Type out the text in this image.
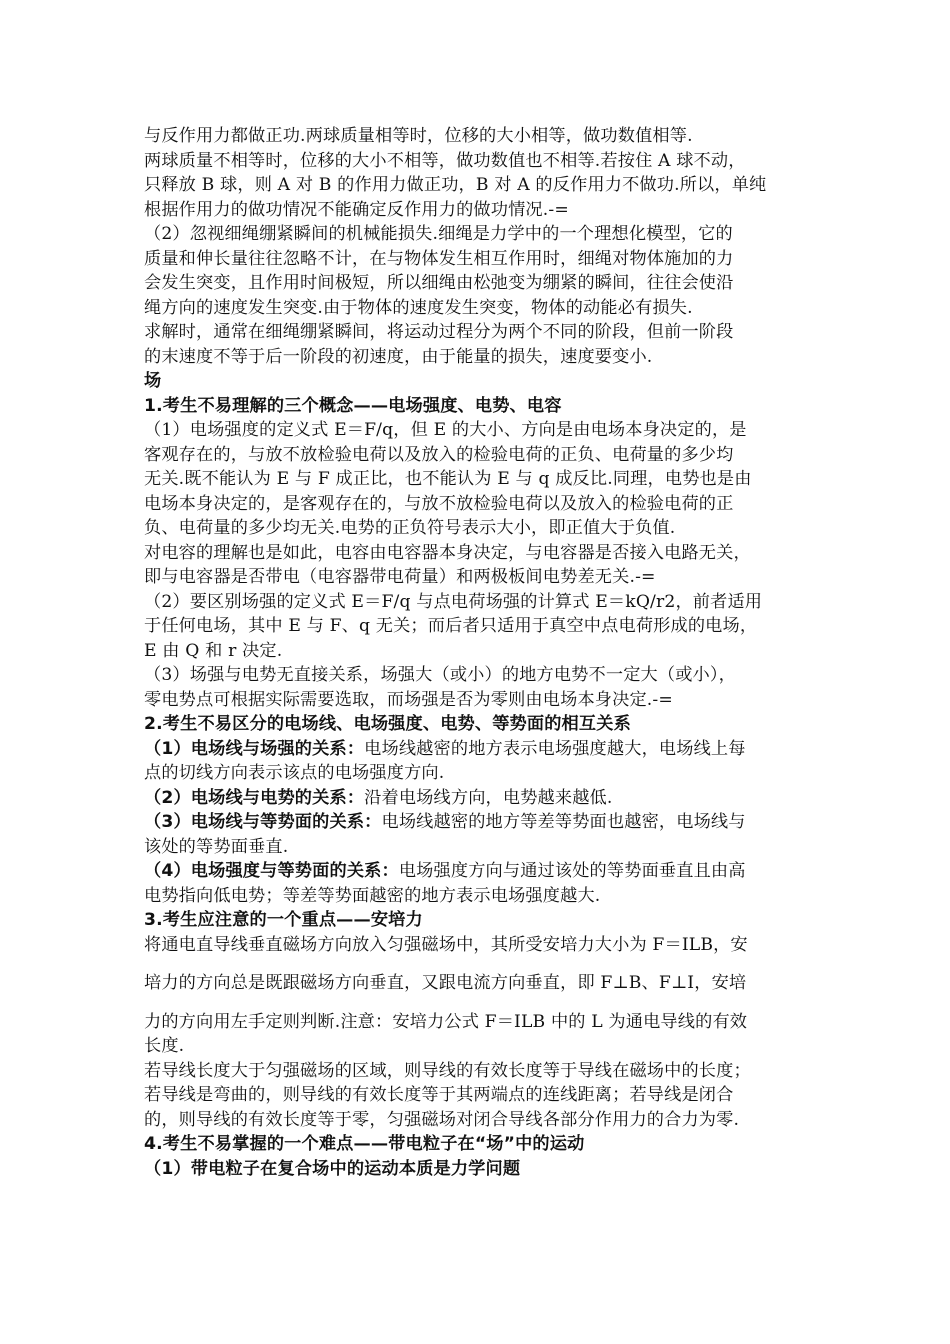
与反作用力都做正功.两球质量相等时，位移的大小相等，做功数值相等.
两球质量不相等时，位移的大小不相等，做功数值也不相等.若按住 A 球不动，
只释放 B 球，则 A 对 B 的作用力做正功，B 对 A 的反作用力不做功.所以，单纯
根据作用力的做功情况不能确定反作用力的做功情况.-=
（2）忽视细绳绷紧瞬间的机械能损失.细绳是力学中的一个理想化模型，它的
质量和伸长量往往忽略不计，在与物体发生相互作用时，细绳对物体施加的力
会发生突变，且作用时间极短，所以细绳由松弛变为绷紧的瞬间，往往会使沿
绳方向的速度发生突变.由于物体的速度发生突变，物体的动能必有损失.
求解时，通常在细绳绷紧瞬间，将运动过程分为两个不同的阶段，但前一阶段
的末速度不等于后一阶段的初速度，由于能量的损失，速度要变小.
场
1.考生不易理解的三个概念——电场强度、电势、电容
（1）电场强度的定义式 E＝F/q，但 E 的大小、方向是由电场本身决定的，是
客观存在的，与放不放检验电荷以及放入的检验电荷的正负、电荷量的多少均
无关.既不能认为 E 与 F 成正比，也不能认为 E 与 q 成反比.同理，电势也是由
电场本身决定的，是客观存在的，与放不放检验电荷以及放入的检验电荷的正
负、电荷量的多少均无关.电势的正负符号表示大小，即正值大于负值.
对电容的理解也是如此，电容由电容器本身决定，与电容器是否接入电路无关，
即与电容器是否带电（电容器带电荷量）和两极板间电势差无关.-=
（2）要区别场强的定义式 E＝F/q 与点电荷场强的计算式 E＝kQ/r2，前者适用
于任何电场，其中 E 与 F、q 无关；而后者只适用于真空中点电荷形成的电场，
E 由 Q 和 r 决定.
（3）场强与电势无直接关系，场强大（或小）的地方电势不一定大（或小），
零电势点可根据实际需要选取，而场强是否为零则由电场本身决定.-=
2.考生不易区分的电场线、电场强度、电势、等势面的相互关系
（1）电场线与场强的关系：电场线越密的地方表示电场强度越大，电场线上每
点的切线方向表示该点的电场强度方向.
（2）电场线与电势的关系：沿着电场线方向，电势越来越低.
（3）电场线与等势面的关系：电场线越密的地方等差等势面也越密，电场线与
该处的等势面垂直.
（4）电场强度与等势面的关系：电场强度方向与通过该处的等势面垂直且由高
电势指向低电势；等差等势面越密的地方表示电场强度越大.
3.考生应注意的一个重点——安培力
将通电直导线垂直磁场方向放入匀强磁场中，其所受安培力大小为 F＝ILB，安
培力的方向总是既跟磁场方向垂直，又跟电流方向垂直，即 F⊥B、F⊥I，安培
力的方向用左手定则判断.注意：安培力公式 F＝ILB 中的 L 为通电导线的有效
长度.
若导线长度大于匀强磁场的区域，则导线的有效长度等于导线在磁场中的长度；
若导线是弯曲的，则导线的有效长度等于其两端点的连线距离；若导线是闭合
的，则导线的有效长度等于零，匀强磁场对闭合导线各部分作用力的合力为零.
4.考生不易掌握的一个难点——带电粒子在“场”中的运动
（1）带电粒子在复合场中的运动本质是力学问题
